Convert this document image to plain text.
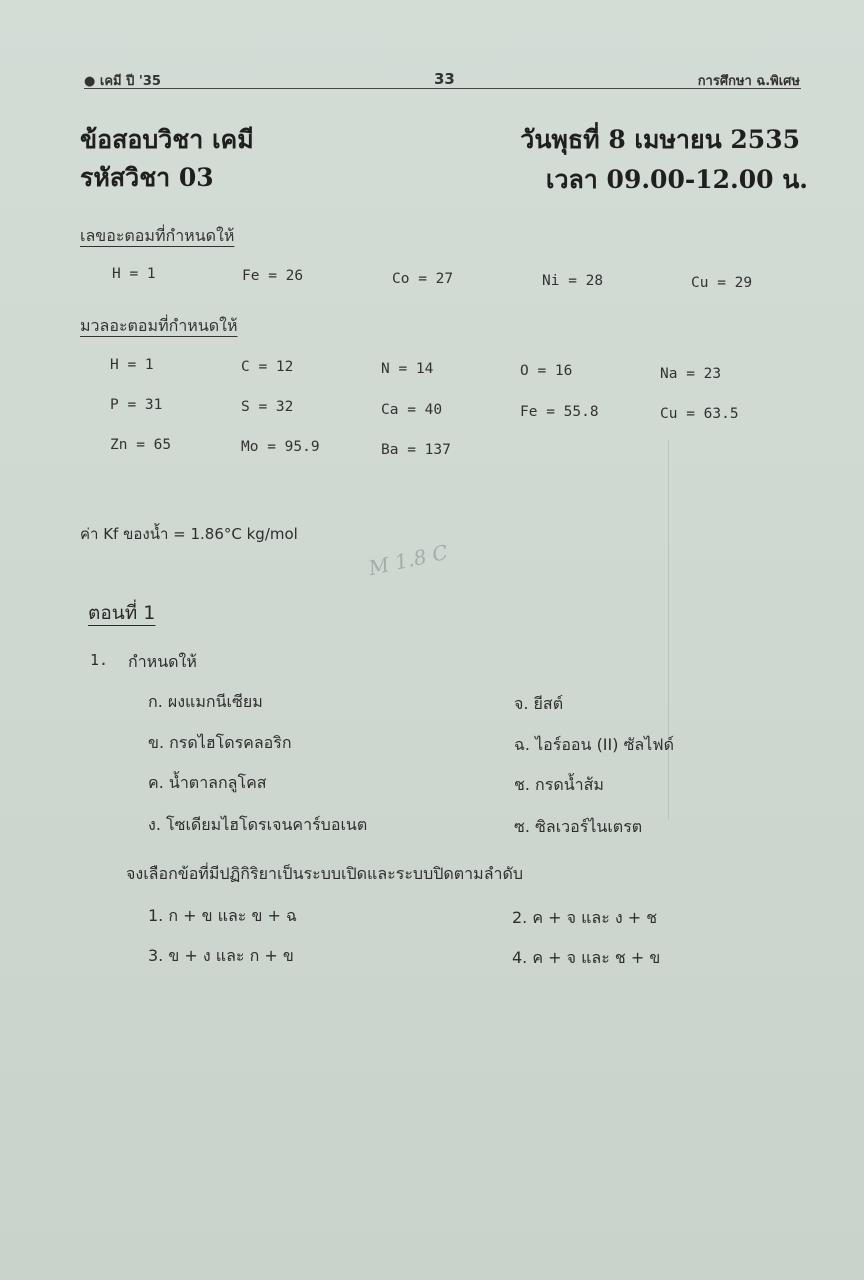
● เคมี ปี '35	33	การศึกษา ฉ.พิเศษ
ข้อสอบวิชา เคมี
รหัสวิชา 03
วันพุธที่ 8 เมษายน 2535
เวลา 09.00-12.00 น.
เลขอะตอมที่กำหนดให้
H = 1	Fe = 26	Co = 27	Ni = 28	Cu = 29
มวลอะตอมที่กำหนดให้
H = 1	C = 12	N = 14	O = 16	Na = 23
P = 31	S = 32	Ca = 40	Fe = 55.8	Cu = 63.5
Zn = 65	Mo = 95.9	Ba = 137
ค่า Kf ของน้ำ = 1.86°C kg/mol
M 1.8 C
ตอนที่ 1
1. กำหนดให้
ก. ผงแมกนีเซียม
ข. กรดไฮโดรคลอริก
ค. น้ำตาลกลูโคส
ง. โซเดียมไฮโดรเจนคาร์บอเนต
จ. ยีสต์
ฉ. ไอร์ออน (II) ซัลไฟด์
ช. กรดน้ำส้ม
ซ. ซิลเวอร์ไนเตรต
จงเลือกข้อที่มีปฏิกิริยาเป็นระบบเปิดและระบบปิดตามลำดับ
1. ก + ข และ ข + ฉ	2. ค + จ และ ง + ช
3. ข + ง และ ก + ข	4. ค + จ และ ช + ข
